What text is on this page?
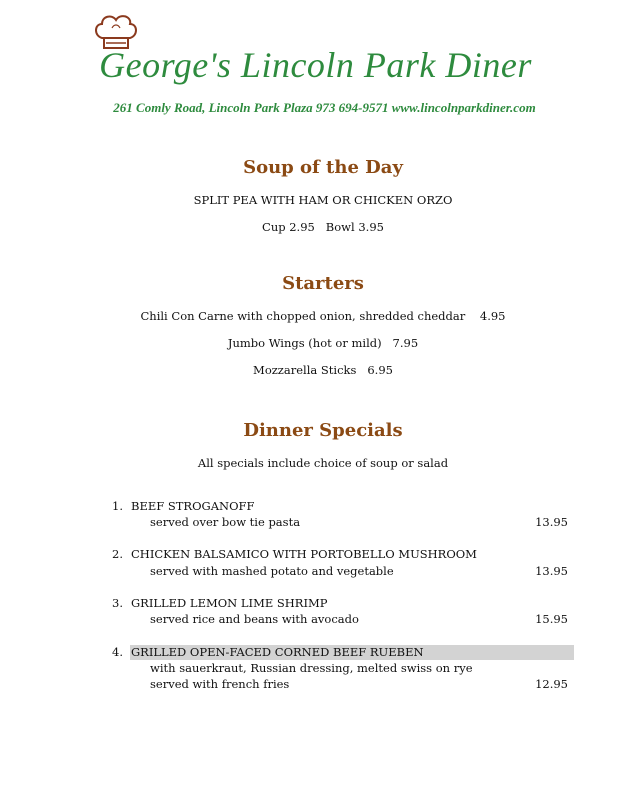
George's Lincoln Park Diner
261 Comly Road, Lincoln Park Plaza 973 694-9571 www.lincolnparkdiner.com
Soup of the Day
SPLIT PEA WITH HAM OR CHICKEN ORZO
Cup 2.95   Bowl 3.95
Starters
Chili Con Carne with chopped onion, shredded cheddar    4.95
Jumbo Wings (hot or mild)   7.95
Mozzarella Sticks   6.95
Dinner Specials
All specials include choice of soup or salad
1. BEEF STROGANOFF
served over bow tie pasta	13.95
2. CHICKEN BALSAMICO WITH PORTOBELLO MUSHROOM
served with mashed potato and vegetable	13.95
3. GRILLED LEMON LIME SHRIMP
served rice and beans with avocado	15.95
4. GRILLED OPEN-FACED CORNED BEEF RUEBEN
with sauerkraut, Russian dressing, melted swiss on rye
served with french fries	12.95
